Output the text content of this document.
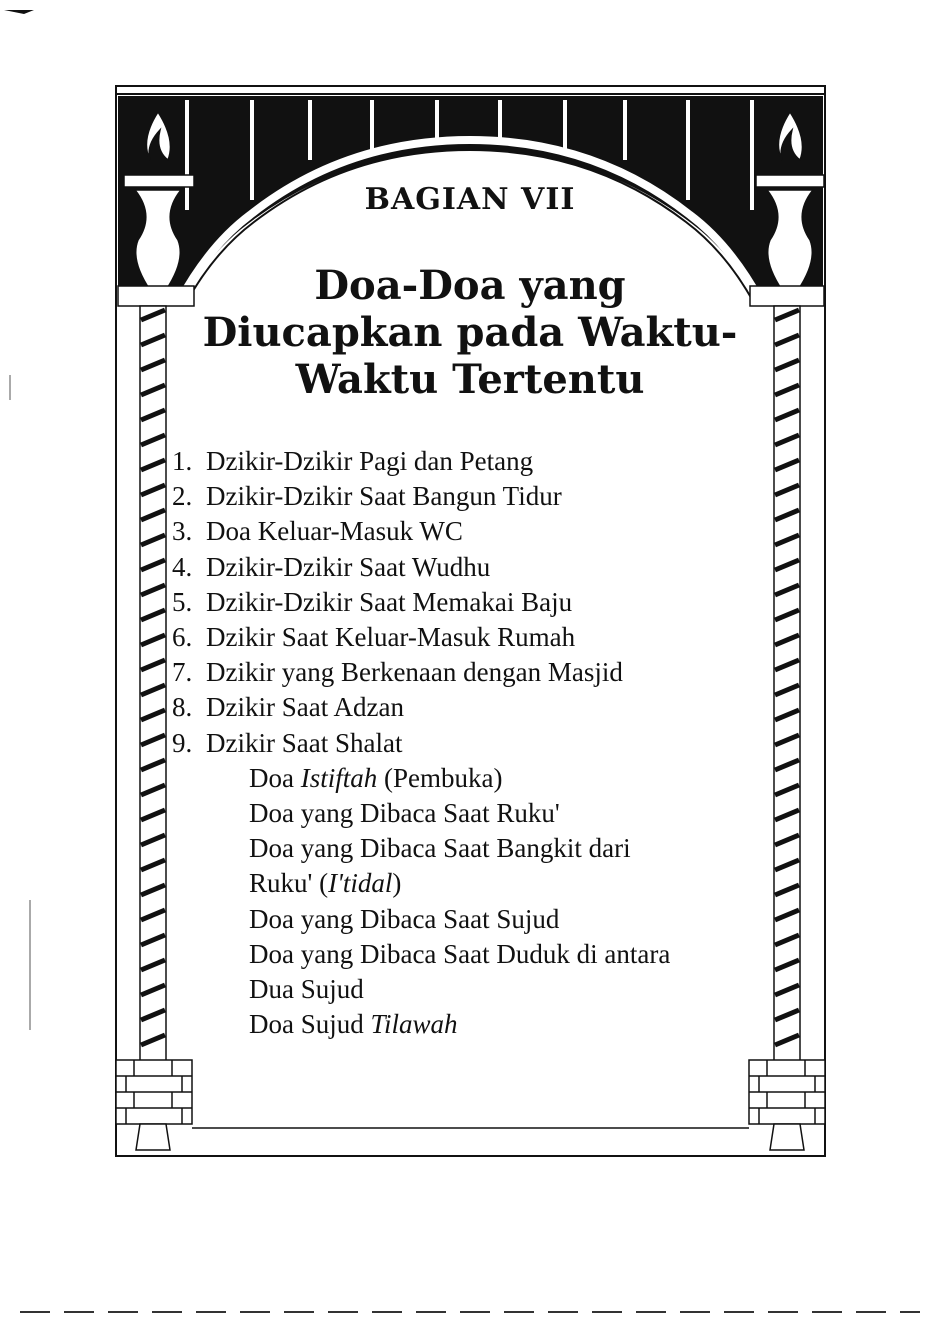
BAGIAN VII
Doa-Doa yang
Diucapkan pada Waktu-
Waktu Tertentu
1. Dzikir-Dzikir Pagi dan Petang
2. Dzikir-Dzikir Saat Bangun Tidur
3. Doa Keluar-Masuk WC
4. Dzikir-Dzikir Saat Wudhu
5. Dzikir-Dzikir Saat Memakai Baju
6. Dzikir Saat Keluar-Masuk Rumah
7. Dzikir yang Berkenaan dengan Masjid
8. Dzikir Saat Adzan
9. Dzikir Saat Shalat
Doa Istiftah (Pembuka)
Doa yang Dibaca Saat Ruku'
Doa yang Dibaca Saat Bangkit dari
Ruku' (I'tidal)
Doa yang Dibaca Saat Sujud
Doa yang Dibaca Saat Duduk di antara
Dua Sujud
Doa Sujud Tilawah
